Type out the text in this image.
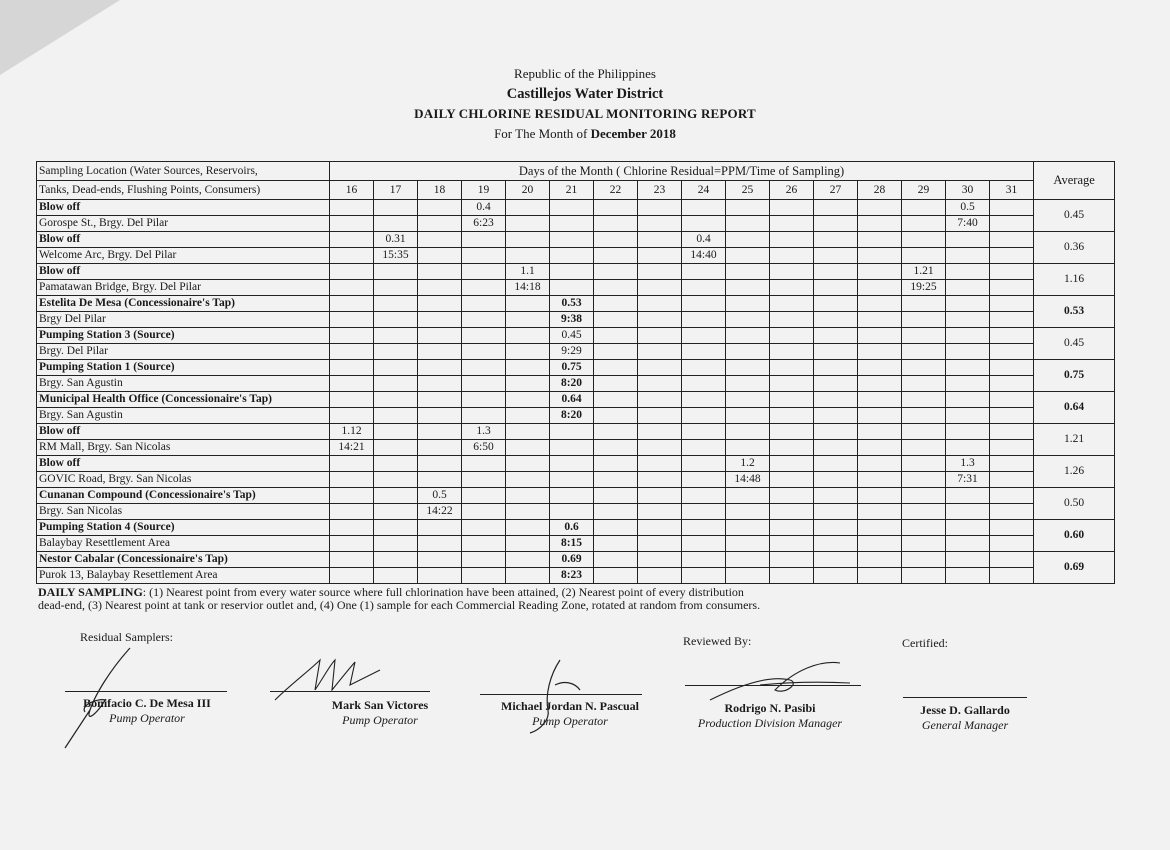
Republic of the Philippines
Castillejos Water District
DAILY CHLORINE RESIDUAL MONITORING REPORT
For The Month of December 2018
Sampling Location (Water Sources, Reservoirs,	Days of the Month ( Chlorine Residual=PPM/Time of Sampling)																Average
Tanks, Dead-ends, Flushing Points, Consumers)	16	17	18	19	20	21	22	23	24	25	26	27	28	29	30	31	
Blow off				0.4											0.5		0.45
Gorospe St., Brgy. Del Pilar				6:23											7:40		
Blow off		0.31							0.4								0.36
Welcome Arc, Brgy. Del Pilar		15:35							14:40								
Blow off					1.1									1.21			1.16
Pamatawan Bridge, Brgy. Del Pilar					14:18									19:25			
Estelita De Mesa (Concessionaire's Tap)						0.53											0.53
Brgy Del Pilar						9:38											
Pumping Station 3 (Source)						0.45											0.45
Brgy. Del Pilar						9:29											
Pumping Station 1 (Source)						0.75											0.75
Brgy. San Agustin						8:20											
Municipal Health Office (Concessionaire's Tap)						0.64											0.64
Brgy. San Agustin						8:20											
Blow off	1.12			1.3													1.21
RM Mall, Brgy. San Nicolas	14:21			6:50													
Blow off										1.2					1.3		1.26
GOVIC Road, Brgy. San Nicolas										14:48					7:31		
Cunanan Compound (Concessionaire's Tap)			0.5														0.50
Brgy. San Nicolas			14:22														
Pumping Station 4 (Source)						0.6											0.60
Balaybay Resettlement Area						8:15											
Nestor Cabalar (Concessionaire's Tap)						0.69											0.69
Purok 13, Balaybay Resettlement Area						8:23											
DAILY SAMPLING: (1) Nearest point from every water source where full chlorination have been attained, (2) Nearest point of every distribution
dead-end, (3) Nearest point at tank or reservior outlet and, (4) One (1) sample for each Commercial Reading Zone, rotated at random from consumers.
Residual Samplers:	Reviewed By:	Certified:
Bonifacio C. De Mesa III
Pump Operator
Mark San Victores
Pump Operator
Michael Jordan N. Pascual
Pump Operator
Rodrigo N. Pasibi
Production Division Manager
Jesse D. Gallardo
General Manager
